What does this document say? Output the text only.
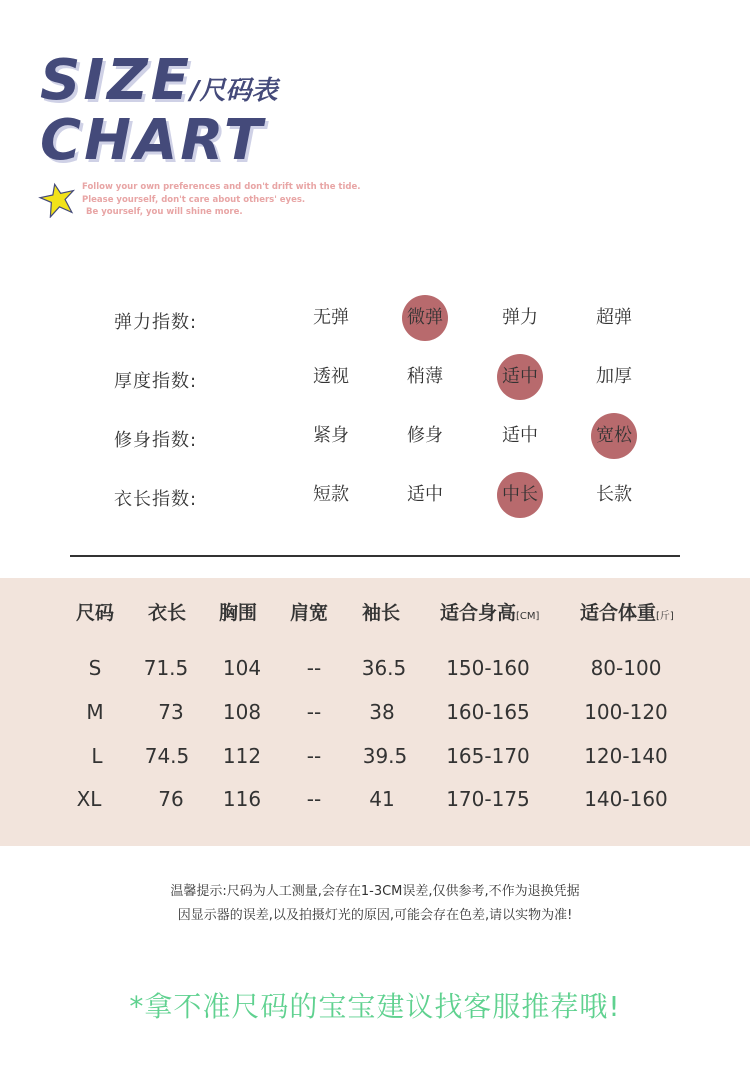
SIZE
CHART
/尺码表
Follow your own preferences and don't drift with the tide.
Please yourself, don't care about others' eyes.
Be yourself, you will shine more.
弹力指数:	无弹	微弹	弹力	超弹
厚度指数:	透视	稍薄	适中	加厚
修身指数:	紧身	修身	适中	宽松
衣长指数:	短款	适中	中长	长款
尺码 衣长 胸围 肩宽 袖长 适合身高[CM] 适合体重[斤]
S	71.5	104	--	36.5	150-160	80-100
M	73	108	--	38	160-165	100-120
L	74.5	112	--	39.5	165-170	120-140
XL	76	116	--	41	170-175	140-160
温馨提示:尺码为人工测量,会存在1-3CM误差,仅供参考,不作为退换凭据
因显示器的误差,以及拍摄灯光的原因,可能会存在色差,请以实物为准!
*拿不准尺码的宝宝建议找客服推荐哦!
